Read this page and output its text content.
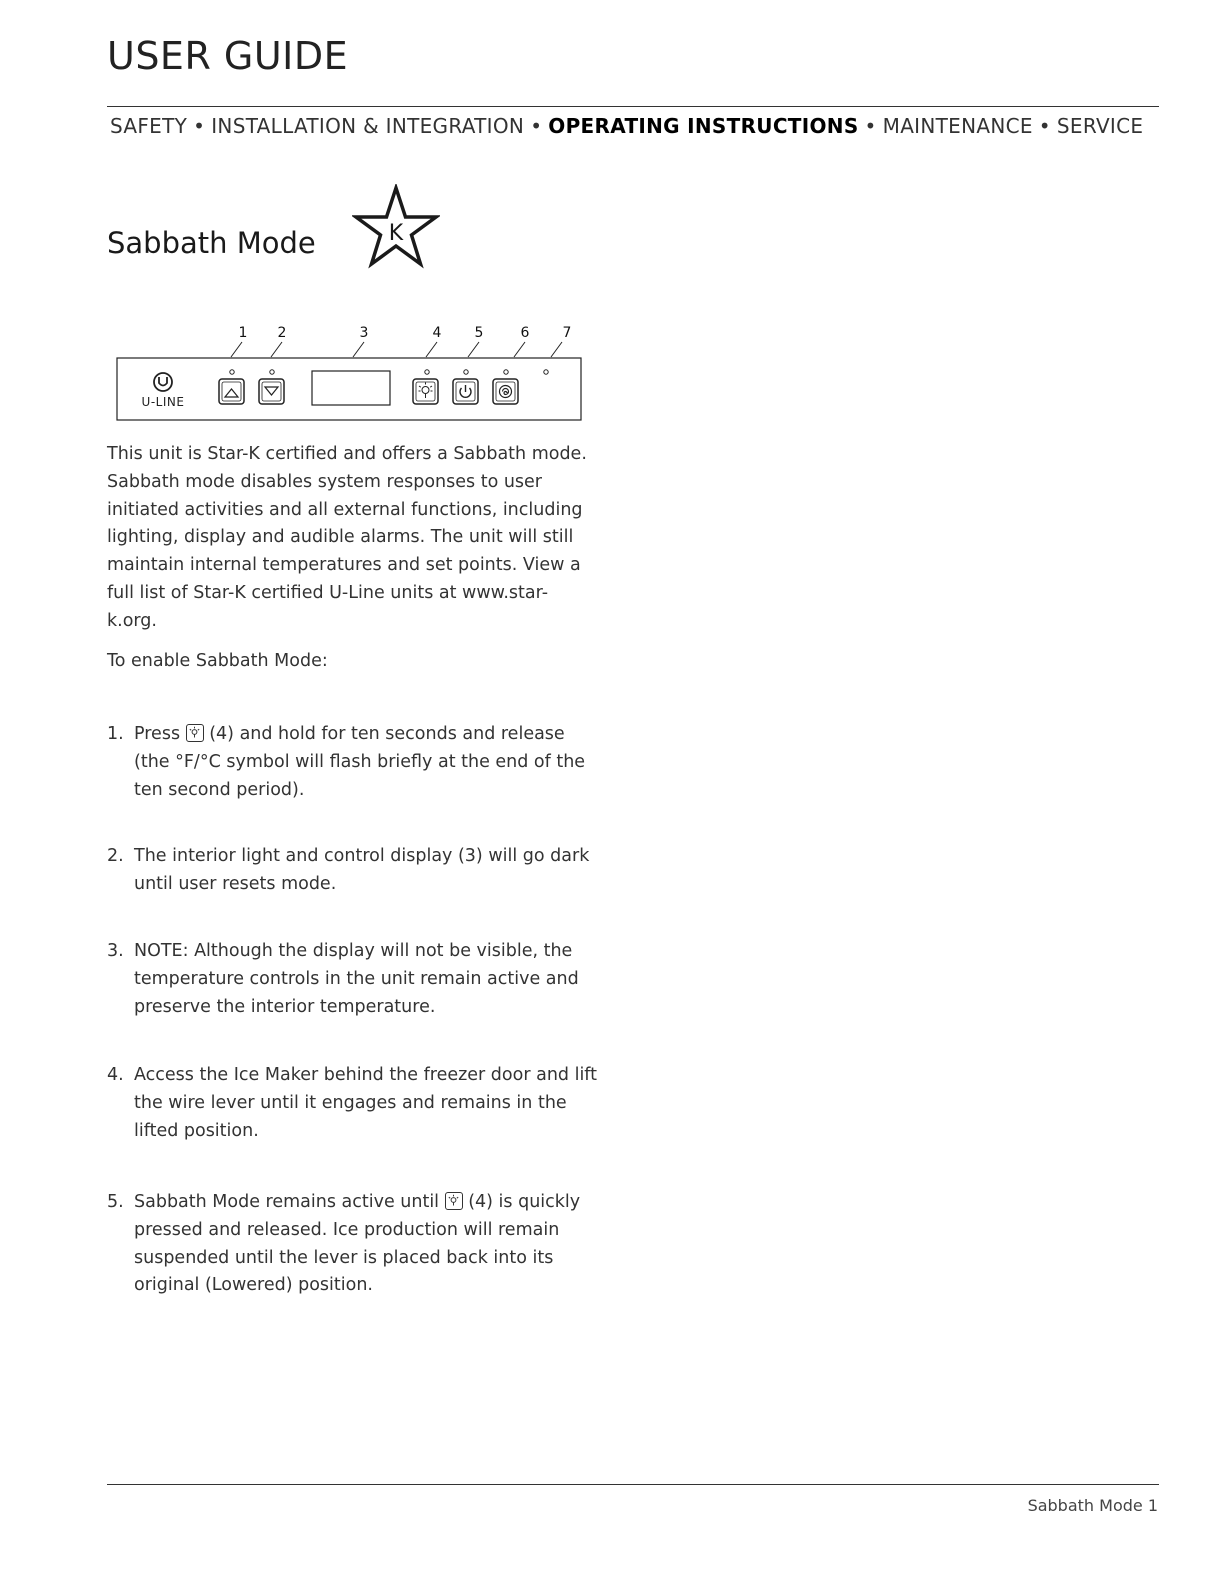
USER GUIDE
SAFETY • INSTALLATION & INTEGRATION • OPERATING INSTRUCTIONS • MAINTENANCE • SERVICE
Sabbath Mode	K
1 2	3	4 5	6 7
U-LINE

This unit is Star-K certified and offers a Sabbath mode. Sabbath mode disables system responses to user initiated activities and all external functions, including lighting, display and audible alarms. The unit will still maintain internal temperatures and set points. View a full list of Star-K certified U-Line units at www.star-k.org.

To enable Sabbath Mode:

1. Press (4) and hold for ten seconds and release (the °F/°C symbol will flash briefly at the end of the ten second period).
2. The interior light and control display (3) will go dark until user resets mode.
3. NOTE: Although the display will not be visible, the temperature controls in the unit remain active and preserve the interior temperature.
4. Access the Ice Maker behind the freezer door and lift the wire lever until it engages and remains in the lifted position.
5. Sabbath Mode remains active until (4) is quickly pressed and released. Ice production will remain suspended until the lever is placed back into its original (Lowered) position.
Sabbath Mode 1
